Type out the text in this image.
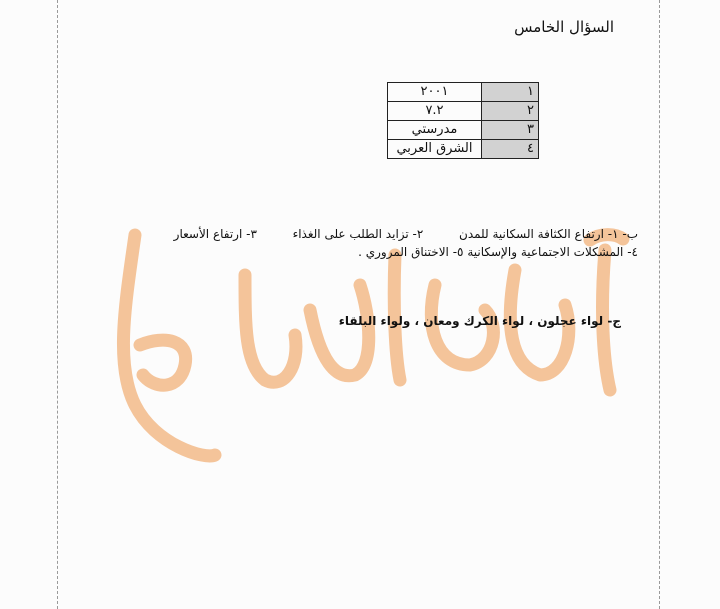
السؤال الخامس
١	٢٠٠١
٢	٧.٢
٣	مدرستي
٤	الشرق العربي
ب- ١- ارتفاع الكثافة السكانية للمدن  ٢- تزايد الطلب على الغذاء  ٣- ارتفاع الأسعار
٤- المشكلات الاجتماعية والإسكانية ٥- الاختناق المروري .
ج- لواء عجلون ، لواء الكرك ومعان ، ولواء البلقاء
